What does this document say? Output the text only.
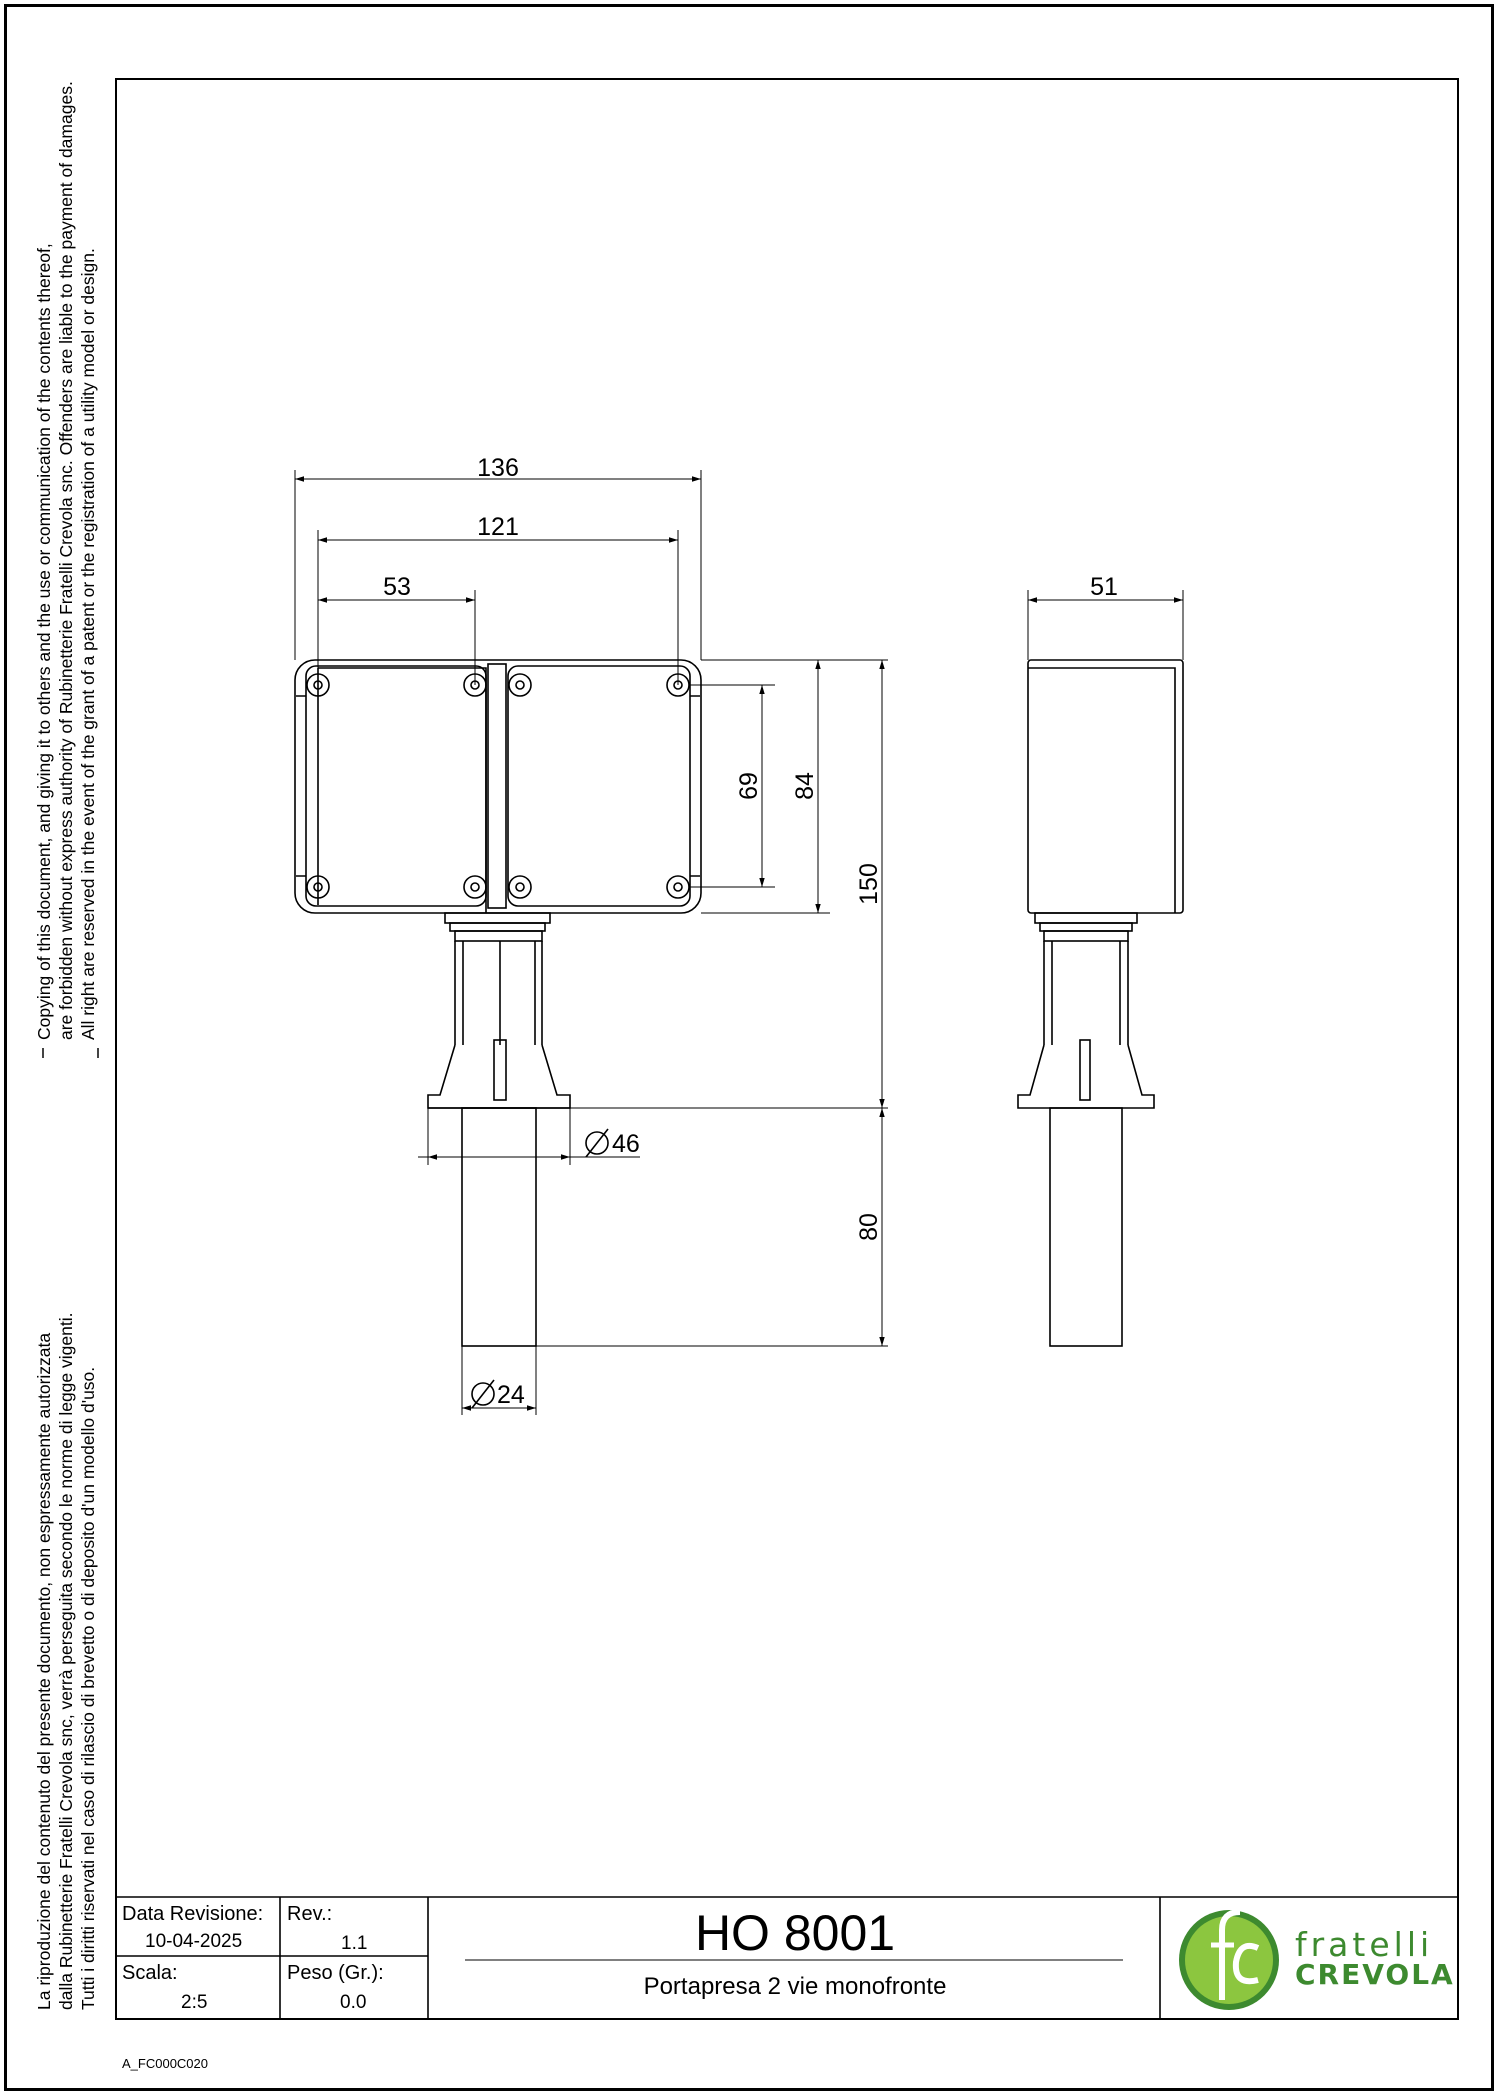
Copying of this document, and giving it to others and the use or communication of the contents thereof, are forbidden without express authority of Rubinetterie Fratelli Crevola snc. Offenders are liable to the payment of damages. All right are reserved in the event of the grant of a patent or the registration of a utility model or design.
La riproduzione del contenuto del presente documento, non espressamente autorizzata dalla Rubinetterie Fratelli Crevola snc, verrà perseguita secondo le norme di legge vigenti. Tutti i diritti riservati nel caso di rilascio di brevetto o di deposito d'un modello d'uso.
136
121
53	51
69 84
150
80
46
24
Data Revisione:
10-04-2025
Rev.:
1.1
Scala:
2:5
Peso (Gr.):
0.0
HO 8001
Portapresa 2 vie monofronte
fratelli
CREVOLA
A_FC000C020
